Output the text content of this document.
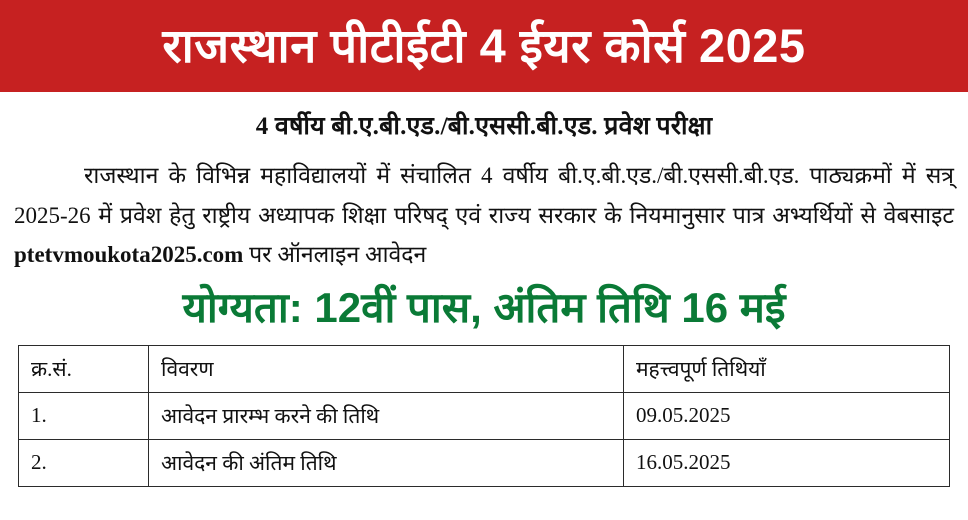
राजस्थान पीटीईटी 4 ईयर कोर्स 2025
4 वर्षीय बी.ए.बी.एड./बी.एससी.बी.एड. प्रवेश परीक्षा
राजस्थान के विभिन्न महाविद्यालयों में संचालित 4 वर्षीय बी.ए.बी.एड./बी.एससी.बी.एड. पाठ्यक्रमों में सत्र् 2025-26 में प्रवेश हेतु राष्ट्रीय अध्यापक शिक्षा परिषद् एवं राज्य सरकार के नियमानुसार पात्र अभ्यर्थियों से वेबसाइट ptetvmoukota2025.com पर ऑनलाइन आवेदन
योग्यता: 12वीं पास, अंतिम तिथि 16 मई
क्र.सं.	विवरण	महत्त्वपूर्ण तिथियाँ
1.	आवेदन प्रारम्भ करने की तिथि	09.05.2025
2.	आवेदन की अंतिम तिथि	16.05.2025
